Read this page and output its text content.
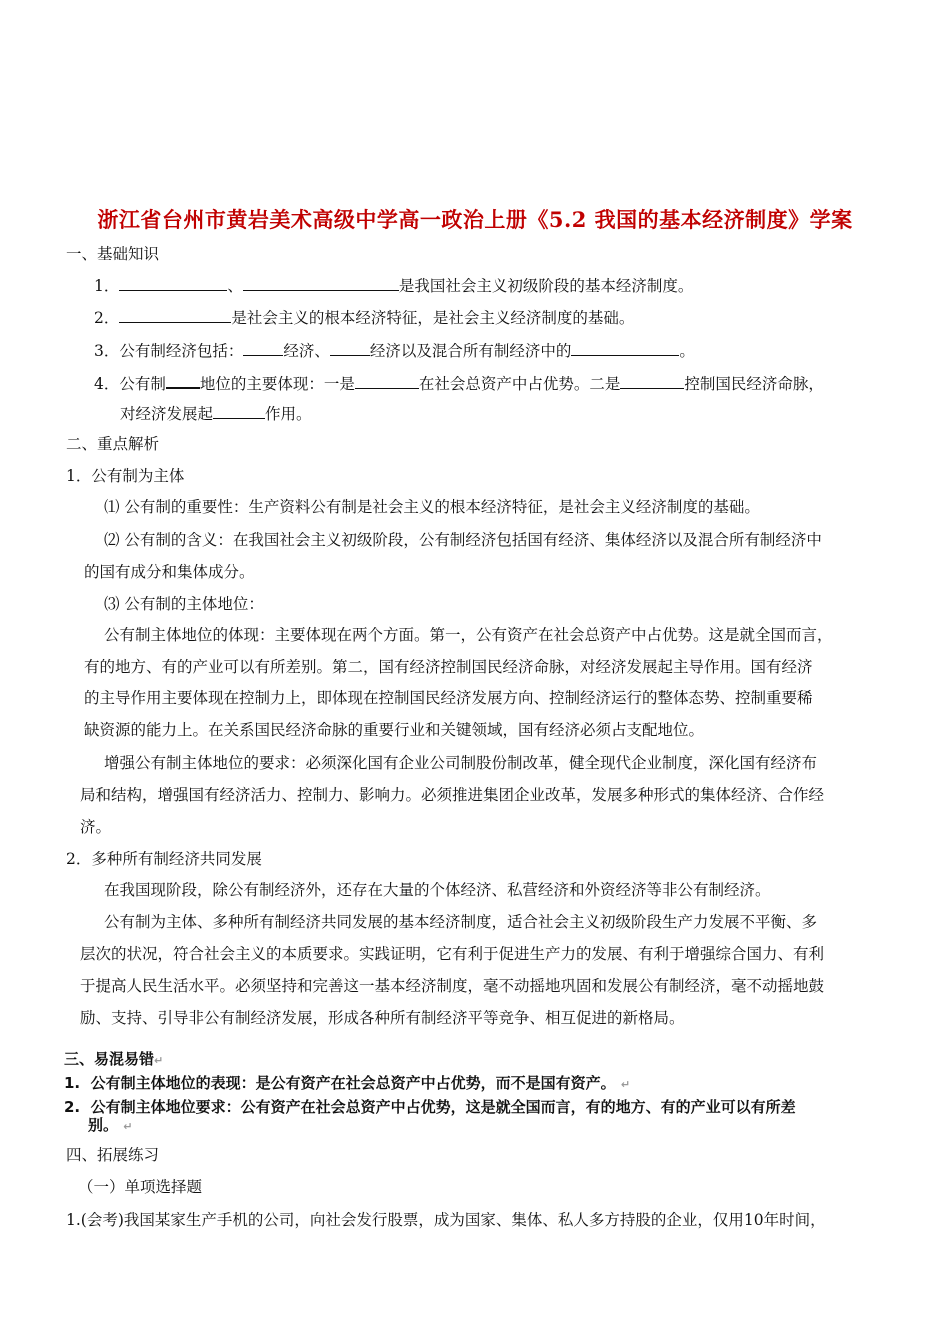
浙江省台州市黄岩美术高级中学高一政治上册《5.2 我国的基本经济制度》学案
一、基础知识
1．	、	是我国社会主义初级阶段的基本经济制度。
2．	是社会主义的根本经济特征，是社会主义经济制度的基础。
3．公有制经济包括：	经济、	经济以及混合所有制经济中的	。
4．公有制 地位的主要体现：一是	在社会总资产中占优势。二是	控制国民经济命脉，
对经济发展起	作用。
二、重点解析
1．公有制为主体
⑴ 公有制的重要性：生产资料公有制是社会主义的根本经济特征，是社会主义经济制度的基础。
⑵ 公有制的含义：在我国社会主义初级阶段，公有制经济包括国有经济、集体经济以及混合所有制经济中
的国有成分和集体成分。
⑶ 公有制的主体地位：
公有制主体地位的体现：主要体现在两个方面。第一，公有资产在社会总资产中占优势。这是就全国而言，
有的地方、有的产业可以有所差别。第二，国有经济控制国民经济命脉，对经济发展起主导作用。国有经济
的主导作用主要体现在控制力上，即体现在控制国民经济发展方向、控制经济运行的整体态势、控制重要稀
缺资源的能力上。在关系国民经济命脉的重要行业和关键领域，国有经济必须占支配地位。
增强公有制主体地位的要求：必须深化国有企业公司制股份制改革，健全现代企业制度，深化国有经济布
局和结构，增强国有经济活力、控制力、影响力。必须推进集团企业改革，发展多种形式的集体经济、合作经
济。
2．多种所有制经济共同发展
在我国现阶段，除公有制经济外，还存在大量的个体经济、私营经济和外资经济等非公有制经济。
公有制为主体、多种所有制经济共同发展的基本经济制度，适合社会主义初级阶段生产力发展不平衡、多
层次的状况，符合社会主义的本质要求。实践证明，它有利于促进生产力的发展、有利于增强综合国力、有利
于提高人民生活水平。必须坚持和完善这一基本经济制度，毫不动摇地巩固和发展公有制经济，毫不动摇地鼓
励、支持、引导非公有制经济发展，形成各种所有制经济平等竞争、相互促进的新格局。
三、易混易错↵
1. 公有制主体地位的表现：是公有资产在社会总资产中占优势，而不是国有资产。 ↵
2. 公有制主体地位要求：公有资产在社会总资产中占优势，这是就全国而言，有的地方、有的产业可以有所差
别。 ↵
四、拓展练习
（一）单项选择题
1.(会考)我国某家生产手机的公司，向社会发行股票，成为国家、集体、私人多方持股的企业，仅用10年时间，
